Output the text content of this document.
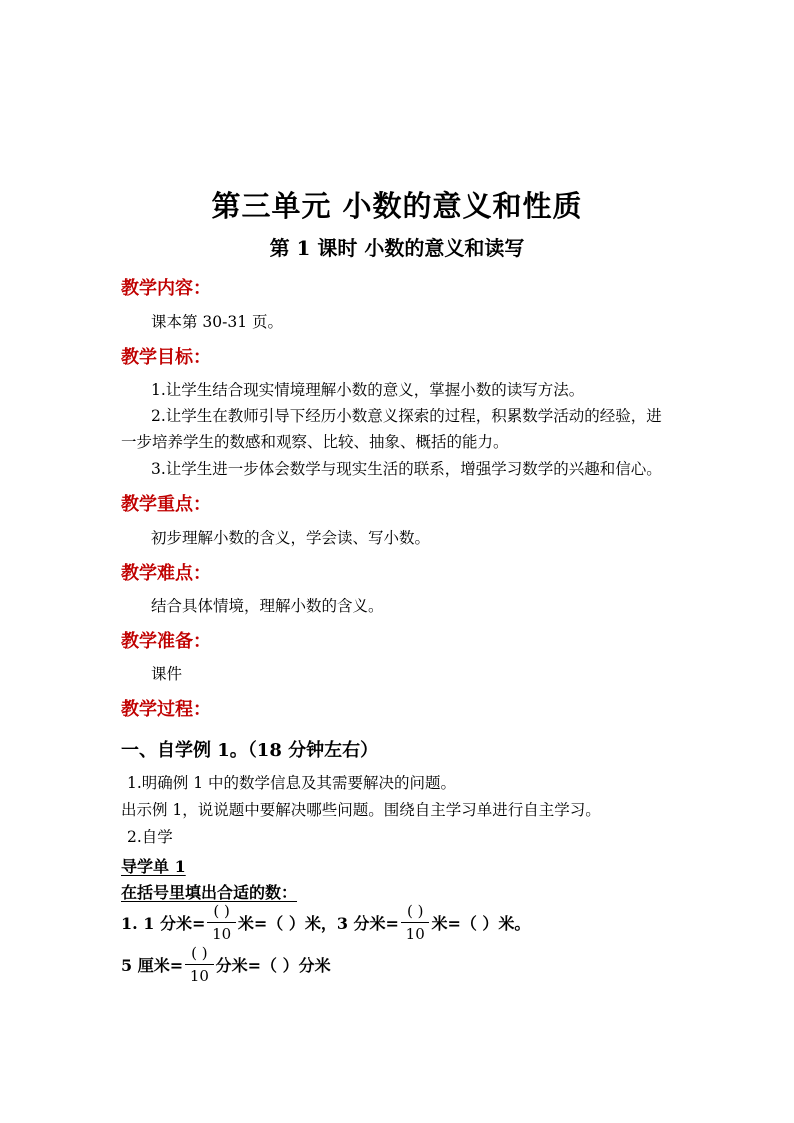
第三单元 小数的意义和性质
第 1 课时 小数的意义和读写
教学内容：
课本第 30-31 页。
教学目标：
1.让学生结合现实情境理解小数的意义，掌握小数的读写方法。
2.让学生在教师引导下经历小数意义探索的过程，积累数学活动的经验，进
一步培养学生的数感和观察、比较、抽象、概括的能力。
3.让学生进一步体会数学与现实生活的联系，增强学习数学的兴趣和信心。
教学重点：
初步理解小数的含义，学会读、写小数。
教学难点：
结合具体情境，理解小数的含义。
教学准备：
课件
教学过程：
一、自学例 1。（18 分钟左右）
1.明确例 1 中的数学信息及其需要解决的问题。
出示例 1，说说题中要解决哪些问题。围绕自主学习单进行自主学习。
2.自学
导学单 1
在括号里填出合适的数：
1. 1 分米= $\frac{( )}{10}$ 米=（ ）米，3 分米= $\frac{( )}{10}$ 米=（ ）米。
5 厘米= $\frac{( )}{10}$ 分米=（ ）分米
